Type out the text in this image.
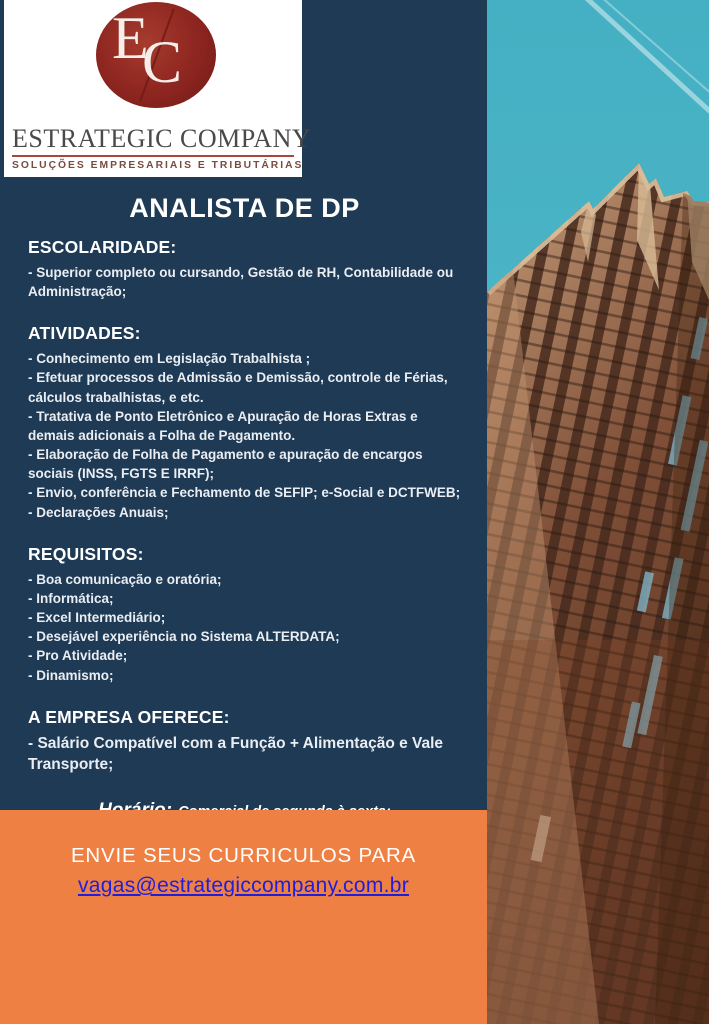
E
C
ESTRATEGIC COMPANY
SOLUÇÕES EMPRESARIAIS E TRIBUTÁRIAS
ANALISTA DE DP
ESCOLARIDADE:

- Superior completo ou cursando, Gestão de RH, Contabilidade ou Administração;

ATIVIDADES:

- Conhecimento em Legislação Trabalhista ;

- Efetuar processos de Admissão e Demissão, controle de Férias, cálculos trabalhistas, e etc.

- Tratativa de Ponto Eletrônico e Apuração de Horas Extras e demais adicionais a Folha de Pagamento.

- Elaboração de Folha de Pagamento e apuração de encargos sociais (INSS, FGTS E IRRF);

- Envio, conferência e Fechamento de SEFIP; e-Social e DCTFWEB;

- Declarações Anuais;

REQUISITOS:

- Boa comunicação e oratória;

- Informática;

- Excel Intermediário;

- Desejável experiência no Sistema ALTERDATA;

- Pro Atividade;

- Dinamismo;

A EMPRESA OFERECE:

- Salário Compatível com a Função + Alimentação e Vale Transporte;

ENVIE SEUS CURRICULOS PARA
vagas@estrategiccompany.com.br
